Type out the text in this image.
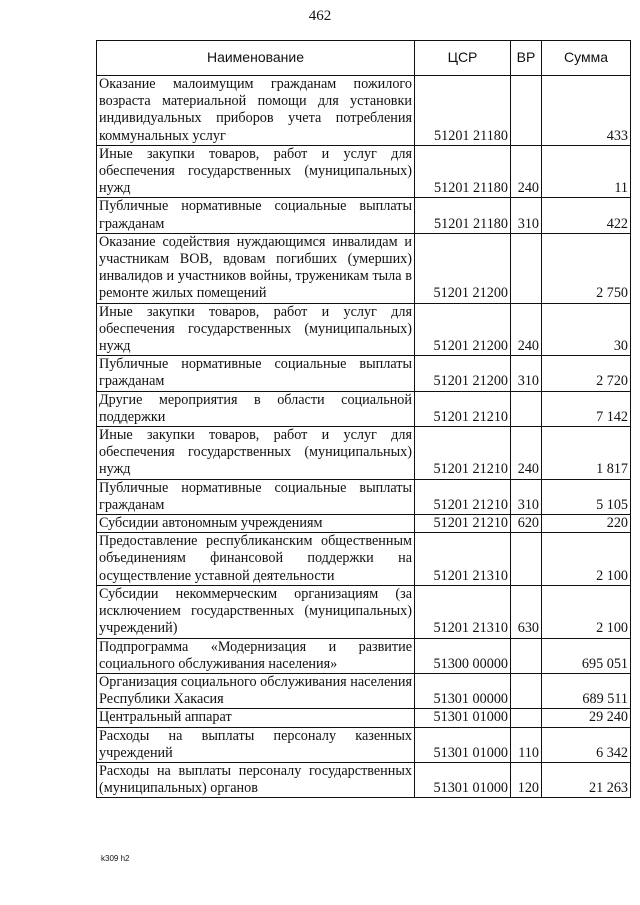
462
Наименование	ЦСР	ВР	Сумма
Оказание малоимущим гражданам пожилого возраста материальной помощи для установки индивидуальных приборов учета потребления коммунальных услуг	51201 21180		433
Иные закупки товаров, работ и услуг для обеспечения государственных (муниципальных) нужд	51201 21180	240	11
Публичные нормативные социальные выплаты гражданам	51201 21180	310	422
Оказание содействия нуждающимся инвалидам и участникам ВОВ, вдовам погибших (умерших) инвалидов и участников войны, труженикам тыла в ремонте жилых помещений	51201 21200		2 750
Иные закупки товаров, работ и услуг для обеспечения государственных (муниципальных) нужд	51201 21200	240	30
Публичные нормативные социальные выплаты гражданам	51201 21200	310	2 720
Другие мероприятия в области социальной поддержки	51201 21210		7 142
Иные закупки товаров, работ и услуг для обеспечения государственных (муниципальных) нужд	51201 21210	240	1 817
Публичные нормативные социальные выплаты гражданам	51201 21210	310	5 105
Субсидии автономным учреждениям	51201 21210	620	220
Предоставление республиканским общественным объединениям финансовой поддержки на осуществление уставной деятельности	51201 21310		2 100
Субсидии некоммерческим организациям (за исключением государственных (муниципальных) учреждений)	51201 21310	630	2 100
Подпрограмма «Модернизация и развитие социального обслуживания населения»	51300 00000		695 051
Организация социального обслуживания населения Республики Хакасия	51301 00000		689 511
Центральный аппарат	51301 01000		29 240
Расходы на выплаты персоналу казенных учреждений	51301 01000	110	6 342
Расходы на выплаты персоналу государственных (муниципальных) органов	51301 01000	120	21 263
k309 h2
